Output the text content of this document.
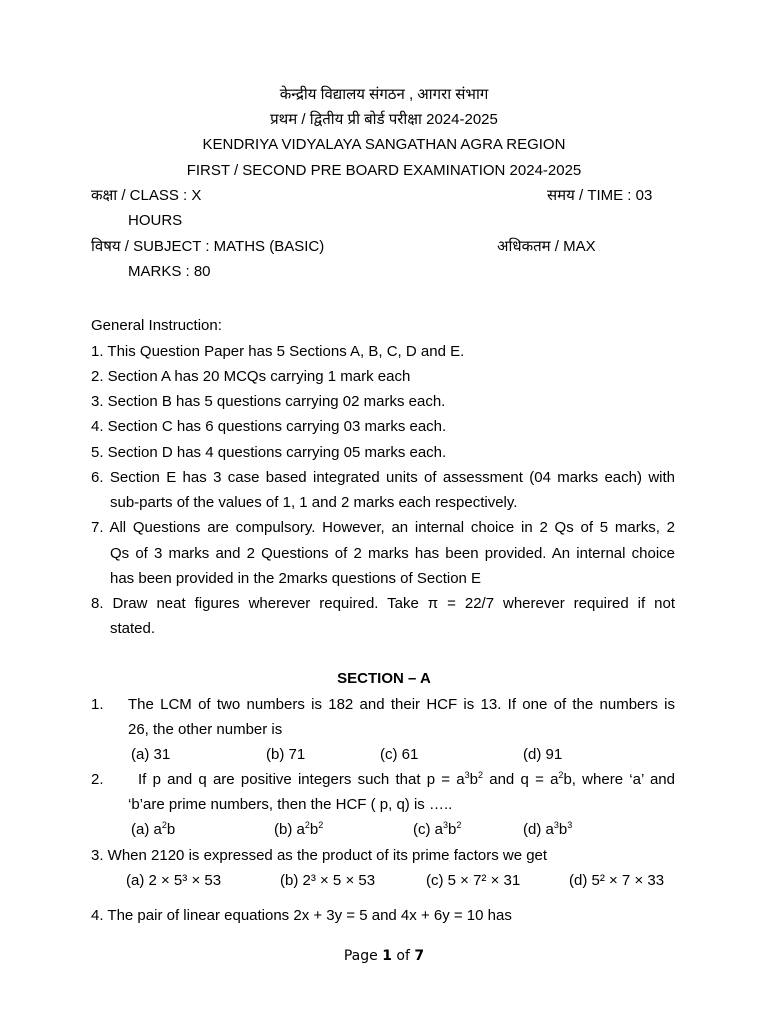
केन्द्रीय विद्यालय संगठन , आगरा संभाग
प्रथम / द्वितीय प्री बोर्ड परीक्षा 2024-2025
KENDRIYA VIDYALAYA SANGATHAN AGRA REGION
FIRST / SECOND PRE BOARD EXAMINATION 2024-2025
कक्षा / CLASS : X	समय / TIME : 03
HOURS
विषय / SUBJECT : MATHS (BASIC)	अधिकतम / MAX
MARKS : 80
General Instruction:
1. This Question Paper has 5 Sections A, B, C, D and E.
2. Section A has 20 MCQs carrying 1 mark each
3. Section B has 5 questions carrying 02 marks each.
4. Section C has 6 questions carrying 03 marks each.
5. Section D has 4 questions carrying 05 marks each.
6. Section E has 3 case based integrated units of assessment (04 marks each) with
sub-parts of the values of 1, 1 and 2 marks each respectively.
7. All Questions are compulsory. However, an internal choice in 2 Qs of 5 marks, 2
Qs of 3 marks and 2 Questions of 2 marks has been provided. An internal choice
has been provided in the 2marks questions of Section E
8. Draw neat figures wherever required. Take π = 22/7 wherever required if not
stated.
SECTION – A
1. The LCM of two numbers is 182 and their HCF is 13. If one of the numbers is
26, the other number is
(a) 31	(b) 71	(c) 61	(d) 91
2. If p and q are positive integers such that $p = a^3b^2$ and $q = a^2b$, where ‘a’ and
‘b’are prime numbers, then the HCF ( p, q) is …..
(a) $a^2b$	(b) $a^2b^2$	(c) $a^3b^2$	(d) $a^3b^3$
3. When 2120 is expressed as the product of its prime factors we get
(a) 2 × 5³ × 53	(b) 2³ × 5 × 53	(c) 5 × 7² × 31	(d) 5² × 7 × 33
4. The pair of linear equations 2x + 3y = 5 and 4x + 6y = 10 has
Page 1 of 7
